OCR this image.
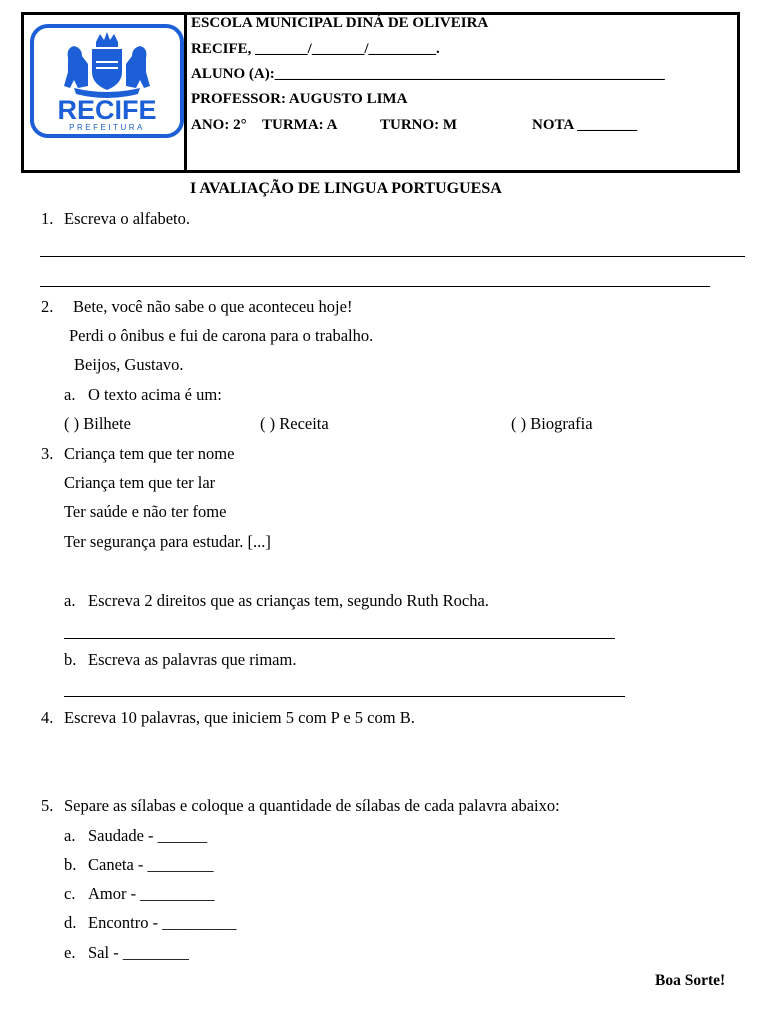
RECIFE
PREFEITURA
ESCOLA MUNICIPAL DINÁ DE OLIVEIRA
RECIFE, _______/_______/_________.
ALUNO (A):____________________________________________________
PROFESSOR: AUGUSTO LIMA
ANO: 2° TURMA: A	TURNO: M	NOTA ________
I AVALIAÇÃO DE LINGUA PORTUGUESA
1. Escreva o alfabeto.
2. Bete, você não sabe o que aconteceu hoje!
Perdi o ônibus e fui de carona para o trabalho.
Beijos, Gustavo.
a. O texto acima é um:
( ) Bilhete	( ) Receita	( ) Biografia
3. Criança tem que ter nome
Criança tem que ter lar
Ter saúde e não ter fome
Ter segurança para estudar. [...]
a. Escreva 2 direitos que as crianças tem, segundo Ruth Rocha.
b. Escreva as palavras que rimam.
4. Escreva 10 palavras, que iniciem 5 com P e 5 com B.
5. Separe as sílabas e coloque a quantidade de sílabas de cada palavra abaixo:
a. Saudade - ______
b. Caneta - ________
c. Amor - _________
d. Encontro - _________
e. Sal - ________
Boa Sorte!
